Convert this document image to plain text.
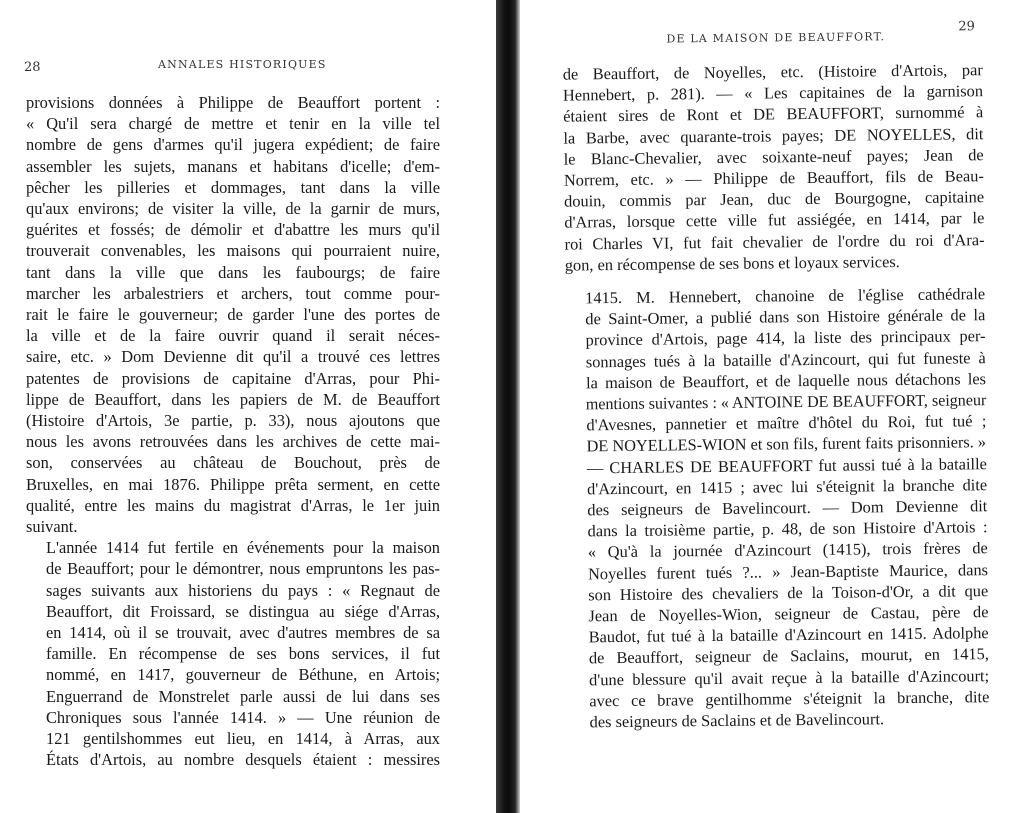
28	ANNALES HISTORIQUES

provisions données à Philippe de Beauffort portent :
« Qu'il sera chargé de mettre et tenir en la ville tel
nombre de gens d'armes qu'il jugera expédient; de faire
assembler les sujets, manans et habitans d'icelle; d'em-
pêcher les pilleries et dommages, tant dans la ville
qu'aux environs; de visiter la ville, de la garnir de murs,
guérites et fossés; de démolir et d'abattre les murs qu'il
trouverait convenables, les maisons qui pourraient nuire,
tant dans la ville que dans les faubourgs; de faire
marcher les arbalestriers et archers, tout comme pour-
rait le faire le gouverneur; de garder l'une des portes de
la ville et de la faire ouvrir quand il serait néces-
saire, etc. » Dom Devienne dit qu'il a trouvé ces lettres
patentes de provisions de capitaine d'Arras, pour Phi-
lippe de Beauffort, dans les papiers de M. de Beauffort
(Histoire d'Artois, 3e partie, p. 33), nous ajoutons que
nous les avons retrouvées dans les archives de cette mai-
son, conservées au château de Bouchout, près de
Bruxelles, en mai 1876. Philippe prêta serment, en cette
qualité, entre les mains du magistrat d'Arras, le 1er juin
suivant.

L'année 1414 fut fertile en événements pour la maison
de Beauffort; pour le démontrer, nous empruntons les pas-
sages suivants aux historiens du pays : « Regnaut de
Beauffort, dit Froissard, se distingua au siége d'Arras,
en 1414, où il se trouvait, avec d'autres membres de sa
famille. En récompense de ses bons services, il fut
nommé, en 1417, gouverneur de Béthune, en Artois;
Enguerrand de Monstrelet parle aussi de lui dans ses
Chroniques sous l'année 1414. » — Une réunion de
121 gentilshommes eut lieu, en 1414, à Arras, aux
États d'Artois, au nombre desquels étaient : messires

DE LA MAISON DE BEAUFFORT.
29

de Beauffort, de Noyelles, etc. (Histoire d'Artois, par
Hennebert, p. 281). — « Les capitaines de la garnison
étaient sires de Ront et DE BEAUFFORT, surnommé à
la Barbe, avec quarante-trois payes; DE NOYELLES, dit
le Blanc-Chevalier, avec soixante-neuf payes; Jean de
Norrem, etc. » — Philippe de Beauffort, fils de Beau-
douin, commis par Jean, duc de Bourgogne, capitaine
d'Arras, lorsque cette ville fut assiégée, en 1414, par le
roi Charles VI, fut fait chevalier de l'ordre du roi d'Ara-
gon, en récompense de ses bons et loyaux services.

1415. M. Hennebert, chanoine de l'église cathédrale
de Saint-Omer, a publié dans son Histoire générale de la
province d'Artois, page 414, la liste des principaux per-
sonnages tués à la bataille d'Azincourt, qui fut funeste à
la maison de Beauffort, et de laquelle nous détachons les
mentions suivantes : « ANTOINE DE BEAUFFORT, seigneur
d'Avesnes, pannetier et maître d'hôtel du Roi, fut tué ;
DE NOYELLES-WION et son fils, furent faits prisonniers. »
— CHARLES DE BEAUFFORT fut aussi tué à la bataille
d'Azincourt, en 1415 ; avec lui s'éteignit la branche dite
des seigneurs de Bavelincourt. — Dom Devienne dit
dans la troisième partie, p. 48, de son Histoire d'Artois :
« Qu'à la journée d'Azincourt (1415), trois frères de
Noyelles furent tués ?... » Jean-Baptiste Maurice, dans
son Histoire des chevaliers de la Toison-d'Or, a dit que
Jean de Noyelles-Wion, seigneur de Castau, père de
Baudot, fut tué à la bataille d'Azincourt en 1415. Adolphe
de Beauffort, seigneur de Saclains, mourut, en 1415,
d'une blessure qu'il avait reçue à la bataille d'Azincourt;
avec ce brave gentilhomme s'éteignit la branche, dite
des seigneurs de Saclains et de Bavelincourt.
